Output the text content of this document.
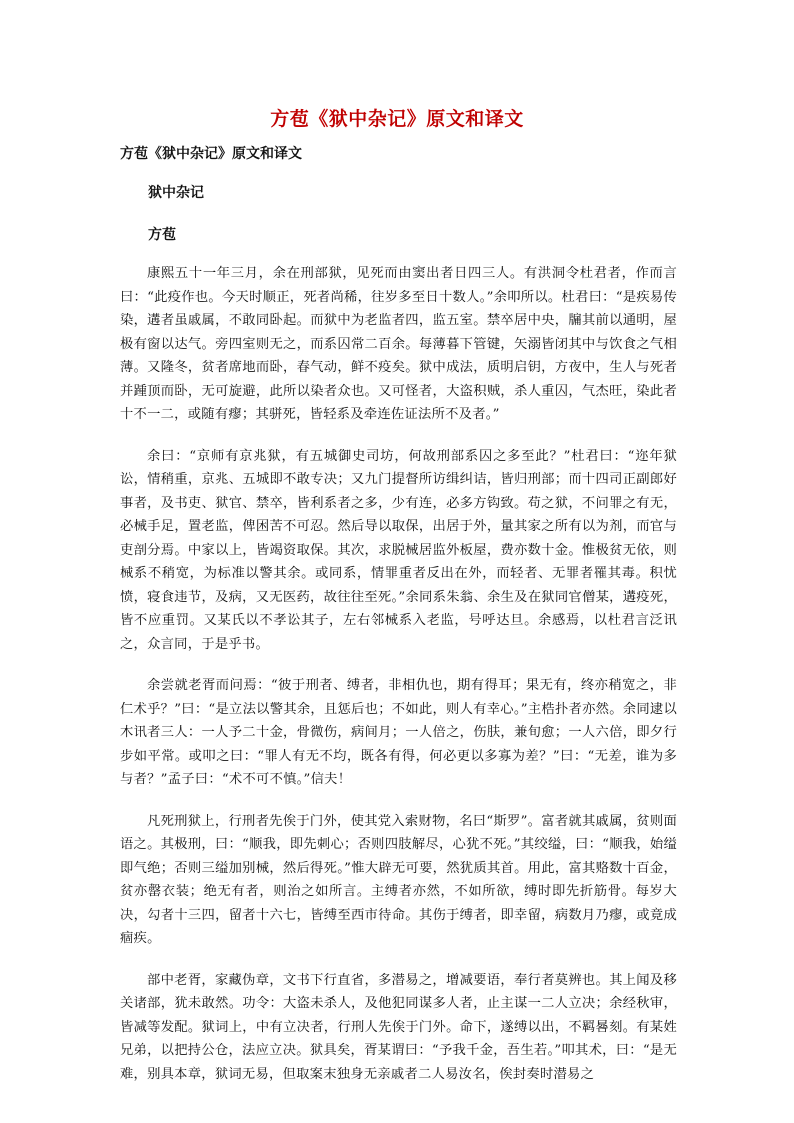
方苞《狱中杂记》原文和译文
方苞《狱中杂记》原文和译文
狱中杂记
方苞

康熙五十一年三月，余在刑部狱，见死而由窦出者日四三人。有洪洞令杜君者，作而言曰：“此疫作也。今天时顺正，死者尚稀，往岁多至日十数人。”余叩所以。杜君曰：“是疾易传染，遘者虽戚属，不敢同卧起。而狱中为老监者四，监五室。禁卒居中央，牖其前以通明，屋极有窗以达气。旁四室则无之，而系囚常二百余。每薄暮下管键，矢溺皆闭其中与饮食之气相薄。又隆冬，贫者席地而卧，春气动，鲜不疫矣。狱中成法，质明启钥，方夜中，生人与死者并踵顶而卧，无可旋避，此所以染者众也。又可怪者，大盗积贼，杀人重囚，气杰旺，染此者十不一二，或随有瘳；其骈死，皆轻系及牵连佐证法所不及者。”

余曰：“京师有京兆狱，有五城御史司坊，何故刑部系囚之多至此？”杜君曰：“迩年狱讼，情稍重，京兆、五城即不敢专决；又九门提督所访缉纠诘，皆归刑部；而十四司正副郎好事者，及书吏、狱官、禁卒，皆利系者之多，少有连，必多方钩致。苟之狱，不问罪之有无，必械手足，置老监，俾困苦不可忍。然后导以取保，出居于外，量其家之所有以为剂，而官与吏剖分焉。中家以上，皆竭资取保。其次，求脱械居监外板屋，费亦数十金。惟极贫无依，则械系不稍宽，为标准以警其余。或同系，情罪重者反出在外，而轻者、无罪者罹其毒。积忧愤，寝食违节，及病，又无医药，故往往至死。”余同系朱翁、余生及在狱同官僧某，遘疫死，皆不应重罚。又某氏以不孝讼其子，左右邻械系入老监，号呼达旦。余感焉，以杜君言泛讯之，众言同，于是乎书。

余尝就老胥而问焉：“彼于刑者、缚者，非相仇也，期有得耳；果无有，终亦稍宽之，非仁术乎？”曰：“是立法以警其余，且惩后也；不如此，则人有幸心。”主梏扑者亦然。余同逮以木讯者三人：一人予二十金，骨微伤，病间月；一人倍之，伤肤，兼旬愈；一人六倍，即夕行步如平常。或叩之曰：“罪人有无不均，既各有得，何必更以多寡为差？”曰：“无差，谁为多与者？”孟子曰：“术不可不慎。”信夫！

凡死刑狱上，行刑者先俟于门外，使其党入索财物，名曰“斯罗”。富者就其戚属，贫则面语之。其极刑，曰：“顺我，即先刺心；否则四肢解尽，心犹不死。”其绞缢，曰：“顺我，始缢即气绝；否则三缢加别械，然后得死。”惟大辟无可要，然犹质其首。用此，富其赂数十百金，贫亦罄衣装；绝无有者，则治之如所言。主缚者亦然，不如所欲，缚时即先折筋骨。每岁大决，勾者十三四，留者十六七，皆缚至西市待命。其伤于缚者，即幸留，病数月乃瘳，或竟成痼疾。

部中老胥，家藏伪章，文书下行直省，多潜易之，增减要语，奉行者莫辨也。其上闻及移关诸部，犹未敢然。功令：大盗未杀人，及他犯同谋多人者，止主谋一二人立决；余经秋审，皆减等发配。狱词上，中有立决者，行刑人先俟于门外。命下，遂缚以出，不羁晷刻。有某姓兄弟，以把持公仓，法应立决。狱具矣，胥某谓曰：“予我千金，吾生若。”叩其术，曰：“是无难，别具本章，狱词无易，但取案末独身无亲戚者二人易汝名，俟封奏时潜易之
